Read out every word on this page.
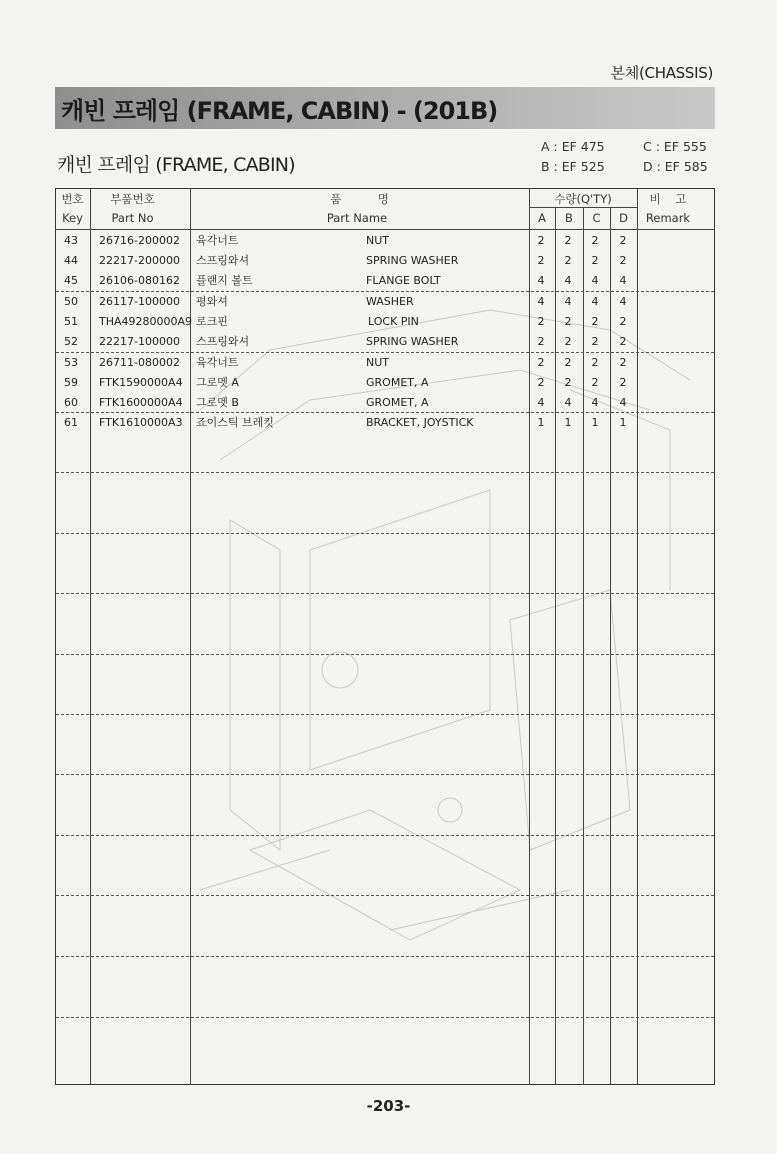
본체(CHASSIS)
캐빈 프레임 (FRAME, CABIN) - (201B)
캐빈 프레임 (FRAME, CABIN)
A : EF 475
B : EF 525
C : EF 555
D : EF 585
번호
Key
부품번호
Part No
품          명
Part Name
수량(Q'TY)
A	B	C	D
비    고
Remark
43	26716-200002 육각너트	NUT	2	2	2	2
44	22217-200000 스프링와셔	SPRING WASHER	2	2	2	2
45	26106-080162 플랜지 볼트	FLANGE BOLT	4	4	4	4
50	26117-100000 평와셔	WASHER	4	4	4	4
51	THA49280000A9 로크핀	LOCK PIN	2	2	2	2
52	22217-100000 스프링와셔	SPRING WASHER	2	2	2	2
53	26711-080002 육각너트	NUT	2	2	2	2
59	FTK1590000A4 그로멧 A	GROMET, A	2	2	2	2
60	FTK1600000A4 그로멧 B	GROMET, A	4	4	4	4
61	FTK1610000A3 죠이스틱 브레킷	BRACKET, JOYSTICK	1	1	1	1
-203-
